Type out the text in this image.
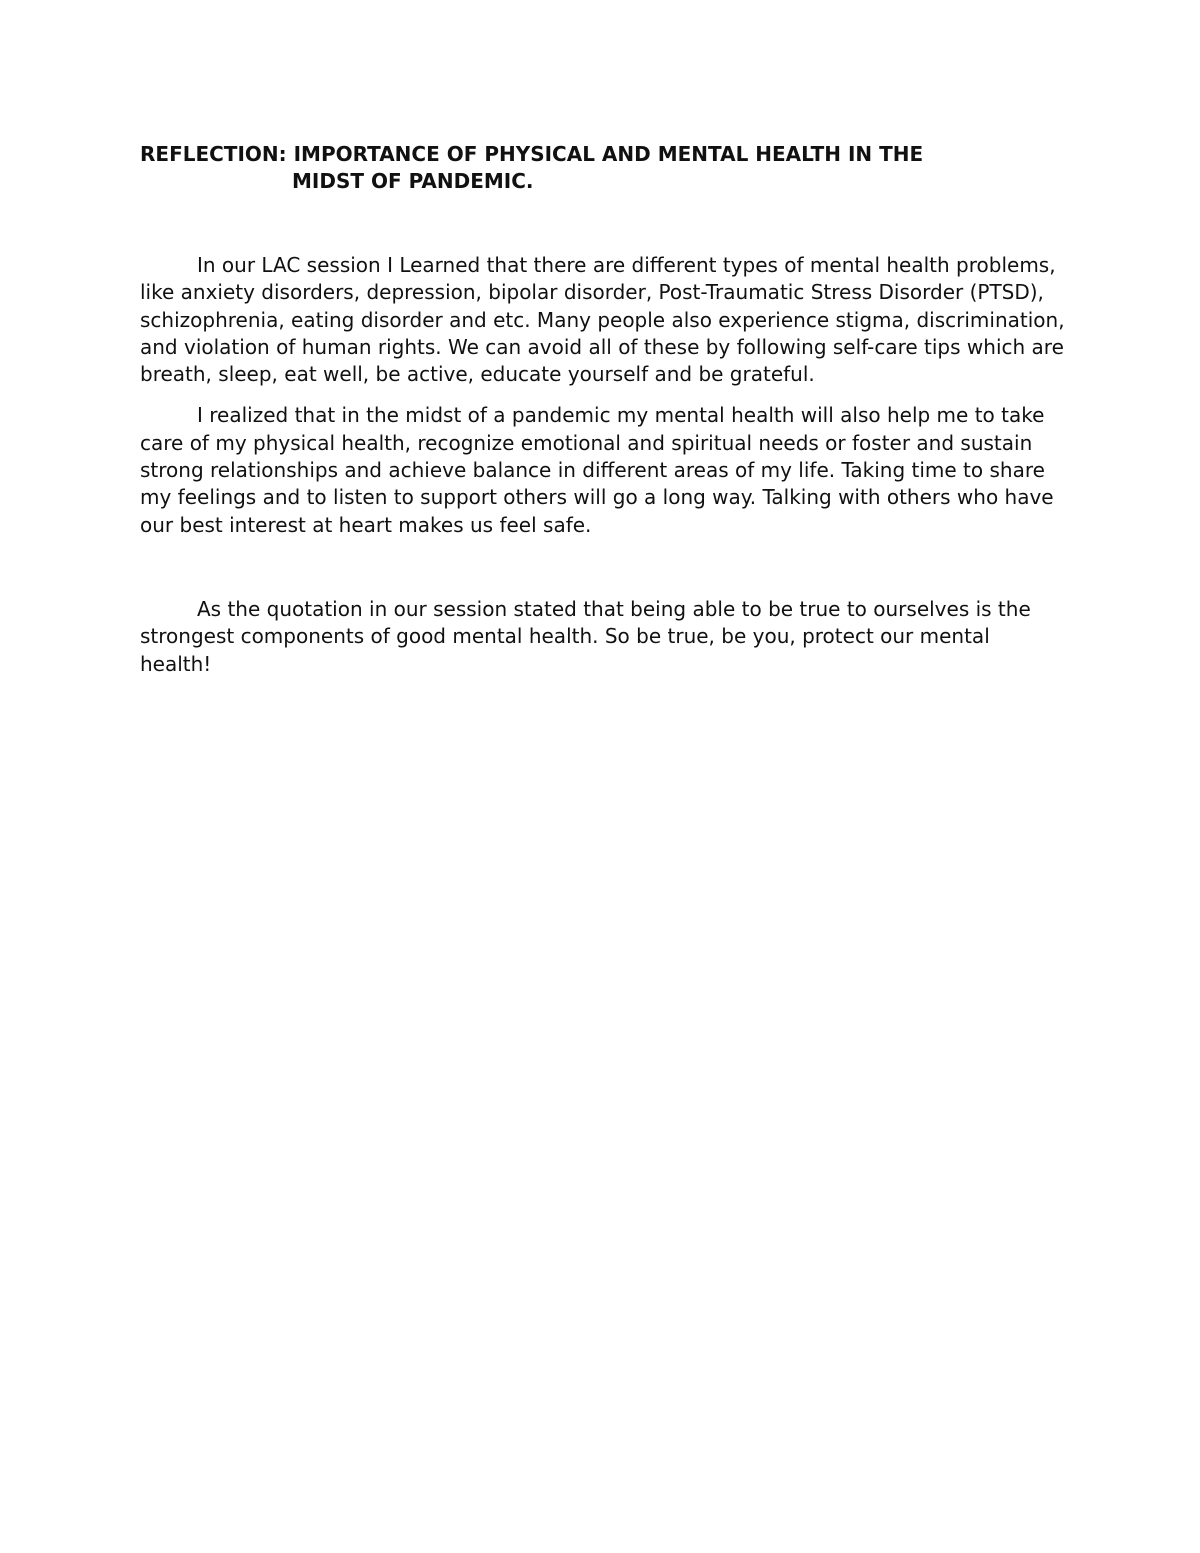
REFLECTION: IMPORTANCE OF PHYSICAL AND MENTAL HEALTH IN THE

MIDST OF PANDEMIC.

In our LAC session I Learned that there are different types of mental health problems, like anxiety disorders, depression, bipolar disorder, Post-Traumatic Stress Disorder (PTSD), schizophrenia, eating disorder and etc. Many people also experience stigma, discrimination, and violation of human rights. We can avoid all of these by following self-care tips which are breath, sleep, eat well, be active, educate yourself and be grateful.

I realized that in the midst of a pandemic my mental health will also help me to take care of my physical health, recognize emotional and spiritual needs or foster and sustain strong relationships and achieve balance in different areas of my life. Taking time to share my feelings and to listen to support others will go a long way. Talking with others who have our best interest at heart makes us feel safe.

As the quotation in our session stated that being able to be true to ourselves is the strongest components of good mental health. So be true, be you, protect our mental health!
